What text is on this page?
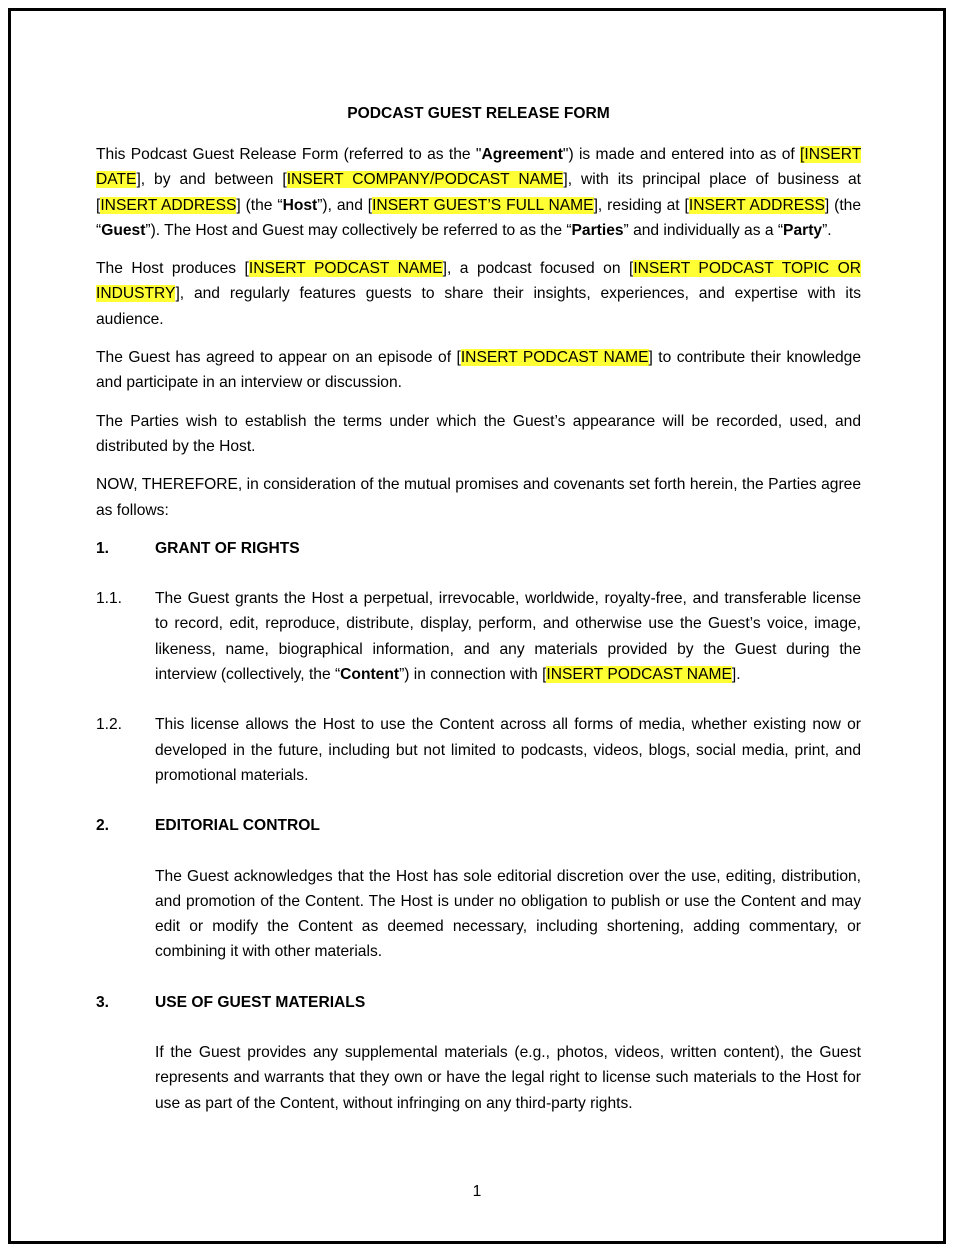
PODCAST GUEST RELEASE FORM

This Podcast Guest Release Form (referred to as the "Agreement") is made and entered into as of [INSERT DATE], by and between [INSERT COMPANY/PODCAST NAME], with its principal place of business at [INSERT ADDRESS] (the “Host”), and [INSERT GUEST’S FULL NAME], residing at [INSERT ADDRESS] (the “Guest”). The Host and Guest may collectively be referred to as the “Parties” and individually as a “Party”.

The Host produces [INSERT PODCAST NAME], a podcast focused on [INSERT PODCAST TOPIC OR INDUSTRY], and regularly features guests to share their insights, experiences, and expertise with its audience.

The Guest has agreed to appear on an episode of [INSERT PODCAST NAME] to contribute their knowledge and participate in an interview or discussion.

The Parties wish to establish the terms under which the Guest’s appearance will be recorded, used, and distributed by the Host.

NOW, THEREFORE, in consideration of the mutual promises and covenants set forth herein, the Parties agree as follows:

1.	GRANT OF RIGHTS
1.1.	The Guest grants the Host a perpetual, irrevocable, worldwide, royalty-free, and transferable license to record, edit, reproduce, distribute, display, perform, and otherwise use the Guest’s voice, image, likeness, name, biographical information, and any materials provided by the Guest during the interview (collectively, the “Content”) in connection with [INSERT PODCAST NAME].
1.2.	This license allows the Host to use the Content across all forms of media, whether existing now or developed in the future, including but not limited to podcasts, videos, blogs, social media, print, and promotional materials.
2.	EDITORIAL CONTROL
The Guest acknowledges that the Host has sole editorial discretion over the use, editing, distribution, and promotion of the Content. The Host is under no obligation to publish or use the Content and may edit or modify the Content as deemed necessary, including shortening, adding commentary, or combining it with other materials.
3.	USE OF GUEST MATERIALS
If the Guest provides any supplemental materials (e.g., photos, videos, written content), the Guest represents and warrants that they own or have the legal right to license such materials to the Host for use as part of the Content, without infringing on any third-party rights.
1
